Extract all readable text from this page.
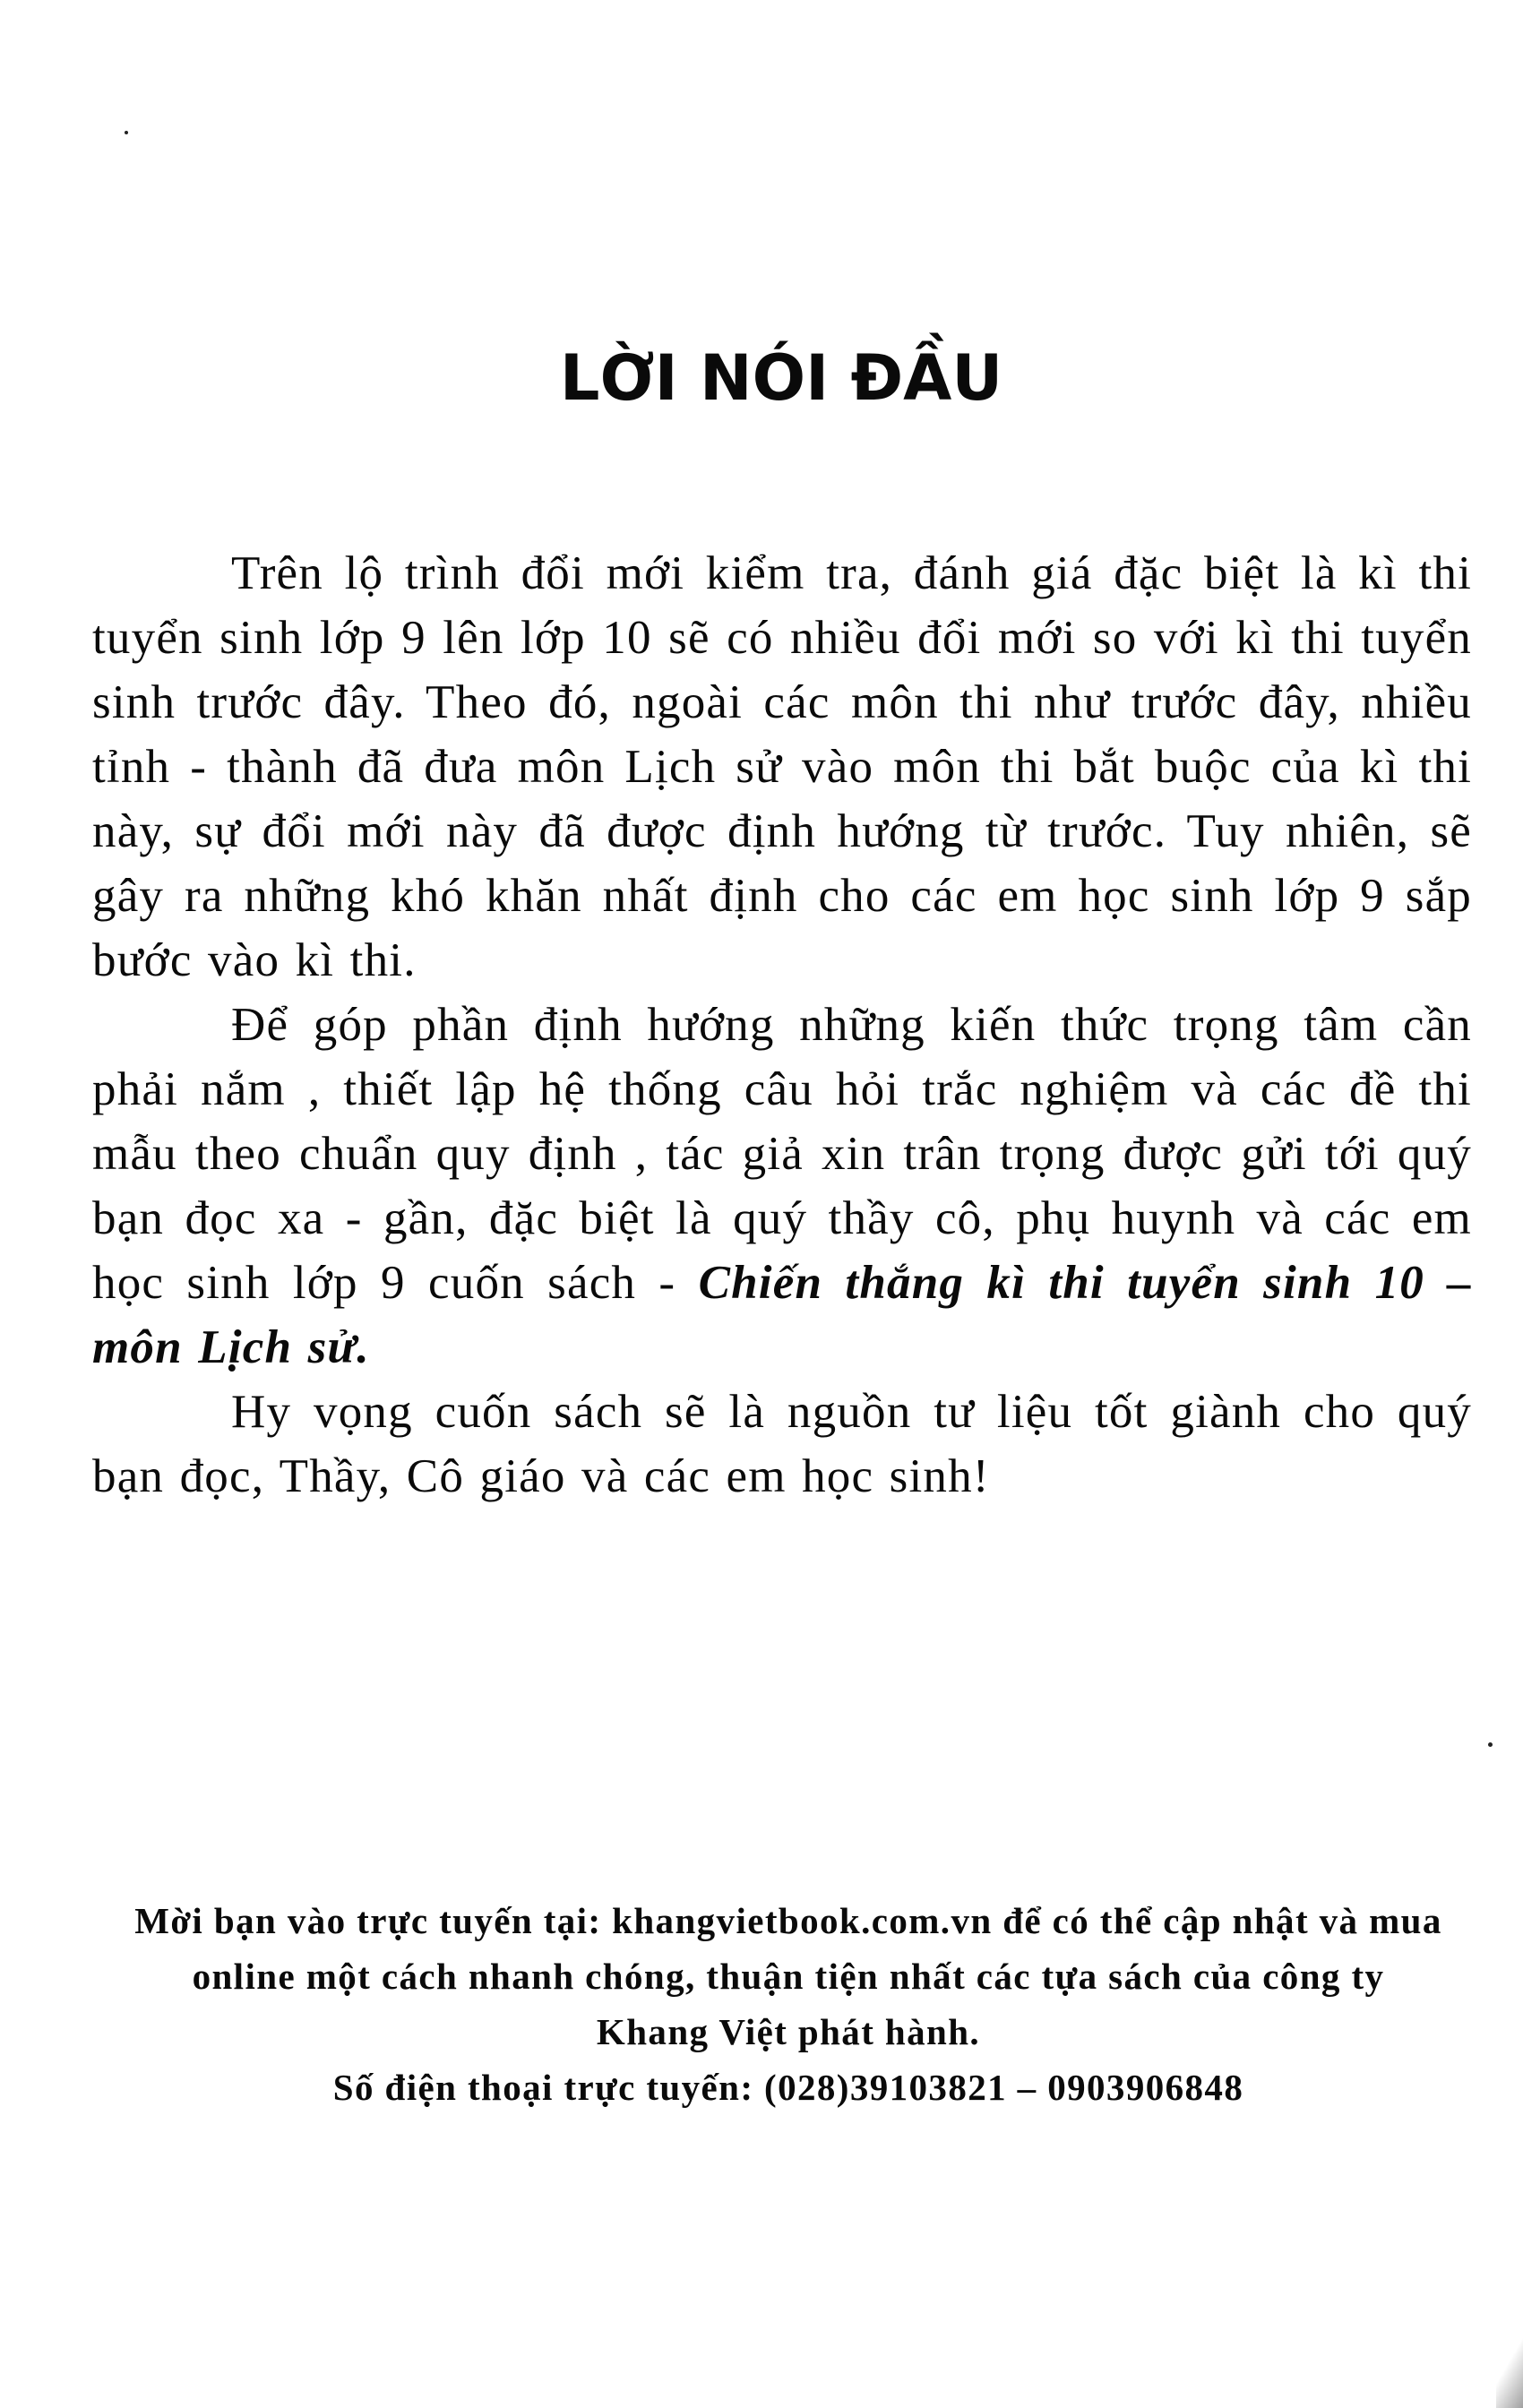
LỜI NÓI ĐẦU

Trên lộ trình đổi mới kiểm tra, đánh giá đặc biệt là kì thi tuyển sinh lớp 9 lên lớp 10 sẽ có nhiều đổi mới so với kì thi tuyển sinh trước đây. Theo đó, ngoài các môn thi như trước đây, nhiều tỉnh - thành đã đưa môn Lịch sử vào môn thi bắt buộc của kì thi này, sự đổi mới này đã được định hướng từ trước. Tuy nhiên, sẽ gây ra những khó khăn nhất định cho các em học sinh lớp 9 sắp bước vào kì thi.

Để góp phần định hướng những kiến thức trọng tâm cần phải nắm , thiết lập hệ thống câu hỏi trắc nghiệm và các đề thi mẫu theo chuẩn quy định , tác giả xin trân trọng được gửi tới quý bạn đọc xa - gần, đặc biệt là quý thầy cô, phụ huynh và các em học sinh lớp 9 cuốn sách - Chiến thắng kì thi tuyển sinh 10 – môn Lịch sử.

Hy vọng cuốn sách sẽ là nguồn tư liệu tốt giành cho quý bạn đọc, Thầy, Cô giáo và các em học sinh!

Mời bạn vào trực tuyến tại: khangvietbook.com.vn để có thể cập nhật và mua

online một cách nhanh chóng, thuận tiện nhất các tựa sách của công ty

Khang Việt phát hành.

Số điện thoại trực tuyến: (028)39103821 – 0903906848
